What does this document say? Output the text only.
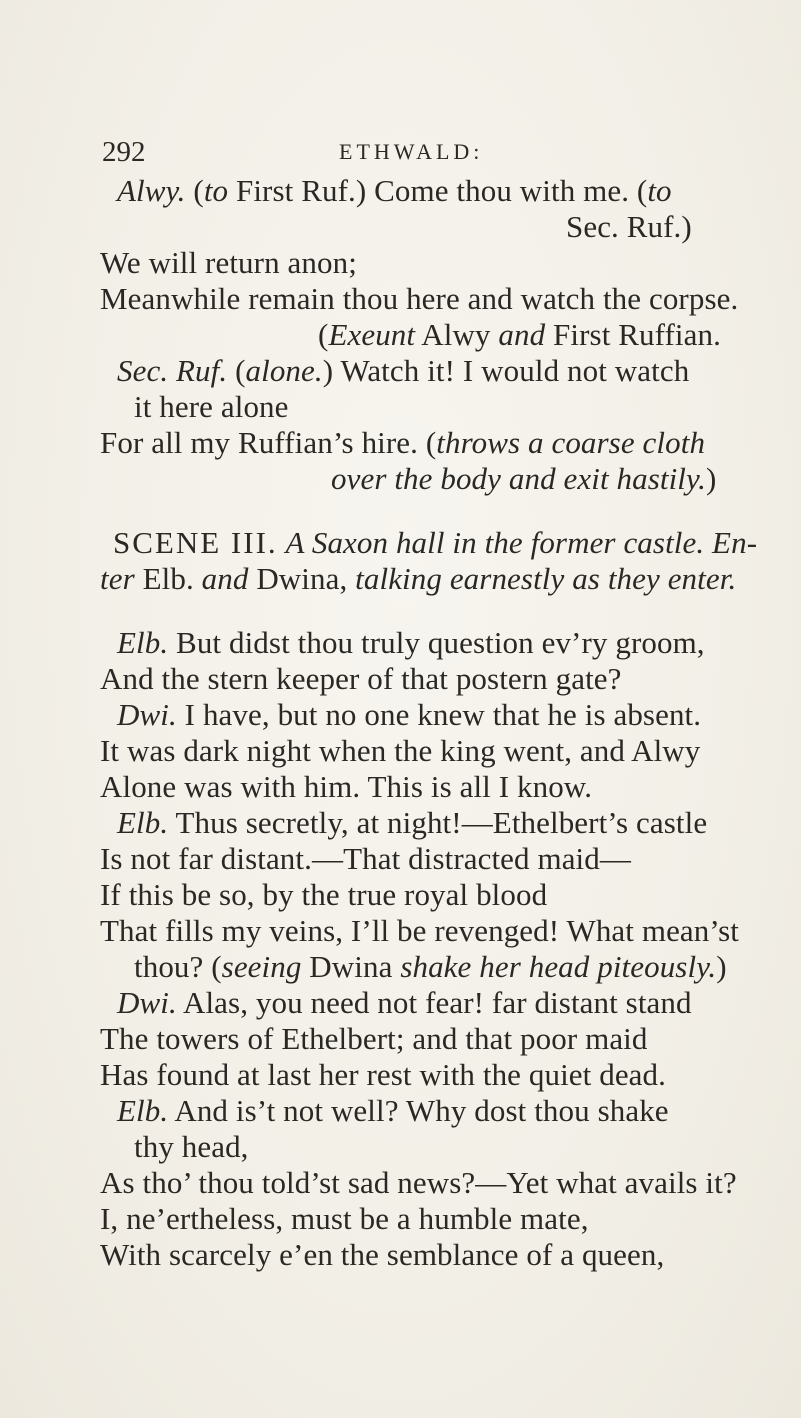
292	ETHWALD:
Alwy. (to First Ruf.) Come thou with me. (to
Sec. Ruf.)
We will return anon;
Meanwhile remain thou here and watch the corpse.
(Exeunt Alwy and First Ruffian.
Sec. Ruf. (alone.) Watch it! I would not watch
it here alone
For all my Ruffian’s hire. (throws a coarse cloth
over the body and exit hastily.)
SCENE III. A Saxon hall in the former castle. En-
ter Elb. and Dwina, talking earnestly as they enter.
Elb. But didst thou truly question ev’ry groom,
And the stern keeper of that postern gate?
Dwi. I have, but no one knew that he is absent.
It was dark night when the king went, and Alwy
Alone was with him. This is all I know.
Elb. Thus secretly, at night!—Ethelbert’s castle
Is not far distant.—That distracted maid—
If this be so, by the true royal blood
That fills my veins, I’ll be revenged! What mean’st
thou? (seeing Dwina shake her head piteously.)
Dwi. Alas, you need not fear! far distant stand
The towers of Ethelbert; and that poor maid
Has found at last her rest with the quiet dead.
Elb. And is’t not well? Why dost thou shake
thy head,
As tho’ thou told’st sad news?—Yet what avails it?
I, ne’ertheless, must be a humble mate,
With scarcely e’en the semblance of a queen,
